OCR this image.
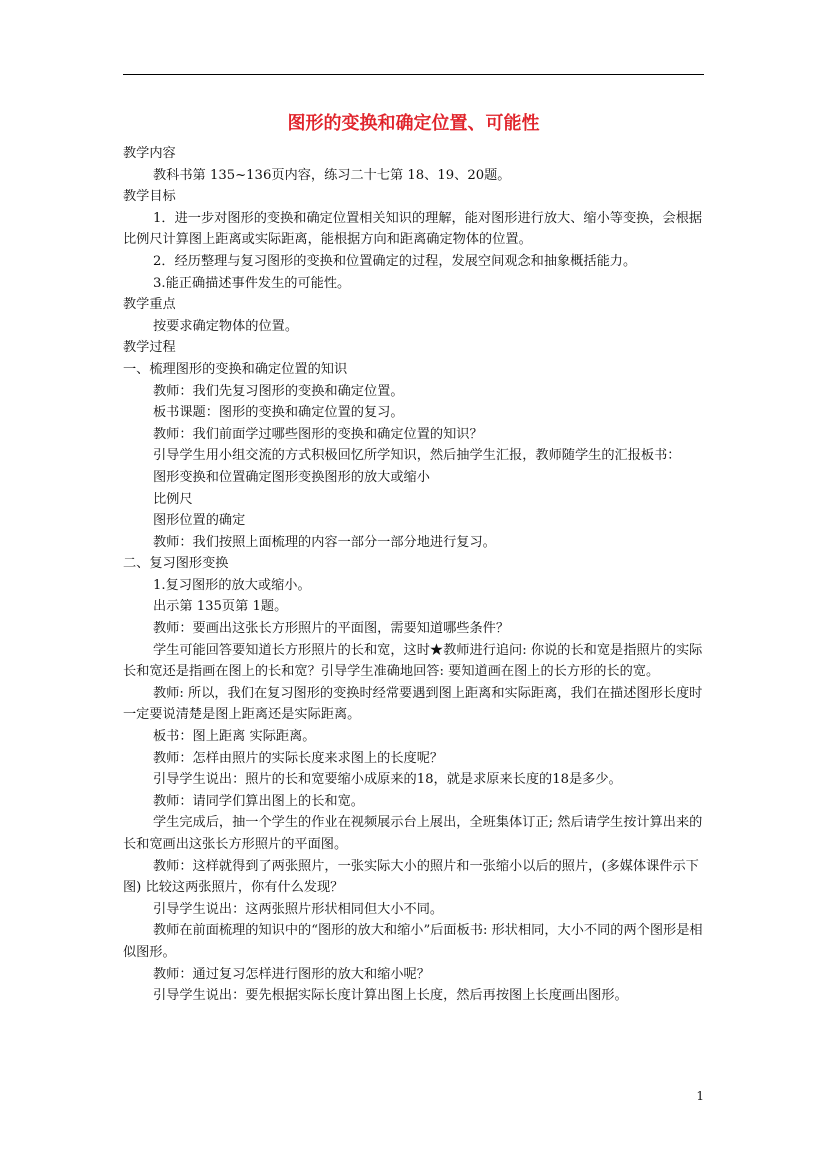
图形的变换和确定位置、可能性
教学内容
教科书第 135~136页内容，练习二十七第 18、19、20题。
教学目标
1．进一步对图形的变换和确定位置相关知识的理解，能对图形进行放大、缩小等变换，会根据比例尺计算图上距离或实际距离，能根据方向和距离确定物体的位置。
2．经历整理与复习图形的变换和位置确定的过程，发展空间观念和抽象概括能力。
3.能正确描述事件发生的可能性。
教学重点
按要求确定物体的位置。
教学过程
一、梳理图形的变换和确定位置的知识
教师：我们先复习图形的变换和确定位置。
板书课题：图形的变换和确定位置的复习。
教师：我们前面学过哪些图形的变换和确定位置的知识？
引导学生用小组交流的方式积极回忆所学知识，然后抽学生汇报，教师随学生的汇报板书：
图形变换和位置确定图形变换图形的放大或缩小
比例尺
图形位置的确定
教师：我们按照上面梳理的内容一部分一部分地进行复习。
二、复习图形变换
1.复习图形的放大或缩小。
出示第 135页第 1题。
教师：要画出这张长方形照片的平面图，需要知道哪些条件？
学生可能回答要知道长方形照片的长和宽，这时★教师进行追问: 你说的长和宽是指照片的实际长和宽还是指画在图上的长和宽？引导学生准确地回答: 要知道画在图上的长方形的长的宽。
教师: 所以，我们在复习图形的变换时经常要遇到图上距离和实际距离，我们在描述图形长度时一定要说清楚是图上距离还是实际距离。
板书：图上距离 实际距离。
教师：怎样由照片的实际长度来求图上的长度呢？
引导学生说出：照片的长和宽要缩小成原来的18，就是求原来长度的18是多少。
教师：请同学们算出图上的长和宽。
学生完成后，抽一个学生的作业在视频展示台上展出，全班集体订正; 然后请学生按计算出来的长和宽画出这张长方形照片的平面图。
教师：这样就得到了两张照片，一张实际大小的照片和一张缩小以后的照片，(多媒体课件示下图) 比较这两张照片，你有什么发现？
引导学生说出：这两张照片形状相同但大小不同。
教师在前面梳理的知识中的“图形的放大和缩小”后面板书: 形状相同，大小不同的两个图形是相似图形。
教师：通过复习怎样进行图形的放大和缩小呢？
引导学生说出：要先根据实际长度计算出图上长度，然后再按图上长度画出图形。
1
